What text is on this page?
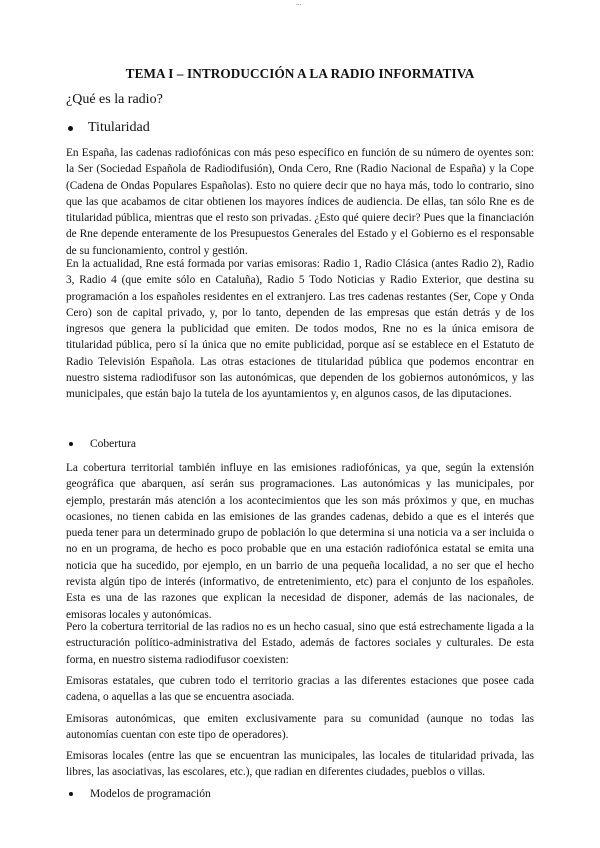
...
TEMA I – INTRODUCCIÓN A LA RADIO INFORMATIVA
¿Qué es la radio?
Titularidad

En España, las cadenas radiofónicas con más peso específico en función de su número de oyentes son: la Ser (Sociedad Española de Radiodifusión), Onda Cero, Rne (Radio Nacional de España) y la Cope (Cadena de Ondas Populares Españolas). Esto no quiere decir que no haya más, todo lo contrario, sino que las que acabamos de citar obtienen los mayores índices de audiencia. De ellas, tan sólo Rne es de titularidad pública, mientras que el resto son privadas. ¿Esto qué quiere decir? Pues que la financiación de Rne depende enteramente de los Presupuestos Generales del Estado y el Gobierno es el responsable de su funcionamiento, control y gestión.

En la actualidad, Rne está formada por varias emisoras: Radio 1, Radio Clásica (antes Radio 2), Radio 3, Radio 4 (que emite sólo en Cataluña), Radio 5 Todo Noticias y Radio Exterior, que destina su programación a los españoles residentes en el extranjero. Las tres cadenas restantes (Ser, Cope y Onda Cero) son de capital privado, y, por lo tanto, dependen de las empresas que están detrás y de los ingresos que genera la publicidad que emiten. De todos modos, Rne no es la única emisora de titularidad pública, pero sí la única que no emite publicidad, porque así se establece en el Estatuto de Radio Televisión Española. Las otras estaciones de titularidad pública que podemos encontrar en nuestro sistema radiodifusor son las autonómicas, que dependen de los gobiernos autonómicos, y las municipales, que están bajo la tutela de los ayuntamientos y, en algunos casos, de las diputaciones.

Cobertura

La cobertura territorial también influye en las emisiones radiofónicas, ya que, según la extensión geográfica que abarquen, así serán sus programaciones. Las autonómicas y las municipales, por ejemplo, prestarán más atención a los acontecimientos que les son más próximos y que, en muchas ocasiones, no tienen cabida en las emisiones de las grandes cadenas, debido a que es el interés que pueda tener para un determinado grupo de población lo que determina si una noticia va a ser incluida o no en un programa, de hecho es poco probable que en una estación radiofónica estatal se emita una noticia que ha sucedido, por ejemplo, en un barrio de una pequeña localidad, a no ser que el hecho revista algún tipo de interés (informativo, de entretenimiento, etc) para el conjunto de los españoles. Esta es una de las razones que explican la necesidad de disponer, además de las nacionales, de emisoras locales y autonómicas.

Pero la cobertura territorial de las radios no es un hecho casual, sino que está estrechamente ligada a la estructuración político-administrativa del Estado, además de factores sociales y culturales. De esta forma, en nuestro sistema radiodifusor coexisten:

Emisoras estatales, que cubren todo el territorio gracias a las diferentes estaciones que posee cada cadena, o aquellas a las que se encuentra asociada.

Emisoras autonómicas, que emiten exclusivamente para su comunidad (aunque no todas las autonomías cuentan con este tipo de operadores).

Emisoras locales (entre las que se encuentran las municipales, las locales de titularidad privada, las libres, las asociativas, las escolares, etc.), que radian en diferentes ciudades, pueblos o villas.

Modelos de programación
